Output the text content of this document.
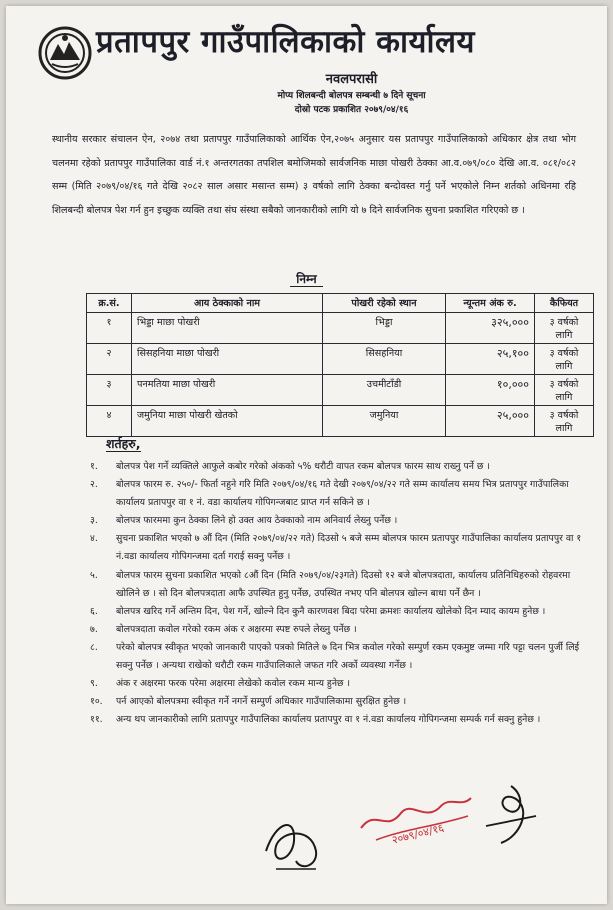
प्रतापपुर गाउँपालिकाको कार्यालय
नवलपरासी
मोप्य शिलबन्दी बोलपत्र सम्बन्धी ७ दिने सूचना
दोस्रो पटक प्रकाशित २०७९/०४/१६
स्थानीय सरकार संचालन ऐन, २०७४ तथा प्रतापपुर गाउँपालिकाको आर्थिक ऐन,२०७५ अनुसार यस प्रतापपुर गाउँपालिकाको अधिकार क्षेत्र तथा भोग चलनमा रहेको प्रतापपुर गाउँपालिका वार्ड नं.१ अन्तरगतका तपशिल बमोजिमको सार्वजनिक माछा पोखरी ठेक्का आ.व.०७९/०८० देखि आ.व. ०८१/०८२ सम्म (मिति २०७९/०४/१६ गते देखि २०८२ साल असार मसान्त सम्म) ३ वर्षको लागि ठेक्का बन्दोवस्त गर्नु पर्ने भएकोले निम्न शर्तको अधिनमा रहि शिलबन्दी बोलपत्र पेश गर्न हुन इच्छुक व्यक्ति तथा संघ संस्था सबैको जानकारीको लागि यो ७ दिने सार्वजनिक सुचना प्रकाशित गरिएको छ ।
निम्न
क्र.सं.	आय ठेक्काको नाम	पोखरी रहेको स्थान	न्यून्तम अंक रु.	कैफियत
१	भिड्डा माछा पोखरी	भिड्डा	३२५,०००	३ वर्षको लागि
२	सिसहनिया माछा पोखरी	सिसहनिया	२५,१००	३ वर्षको लागि
३	पनमतिया माछा पोखरी	उचमीटाँडी	१०,०००	३ वर्षको लागि
४	जमुनिया माछा पोखरी खेतको	जमुनिया	२५,०००	३ वर्षको लागि
शर्तहरु,
१.	बोलपत्र पेश गर्ने व्यक्तिले आफुले कबोर गरेको अंकको ५% धरौटी वापत रकम बोलपत्र फारम साथ राख्नु पर्ने छ ।
२.	बोलपत्र फारम रु. २५०/- फिर्ता नहुने गरि मिति २०७९/०४/१६ गते देखी २०७९/०४/२२ गते सम्म कार्यालय समय भित्र प्रतापपुर गाउँपालिका कार्यालय प्रतापपुर वा १ नं. वडा कार्यालय गोपिगन्जबाट प्राप्त गर्न सकिने छ ।
३.	बोलपत्र फारममा कुन ठेक्का लिने हो उक्त आय ठेक्काको नाम अनिवार्य लेख्नु पर्नेछ ।
४.	सुचना प्रकाशित भएको ७ औं दिन (मिति २०७९/०४/२२ गते) दिउसो ५ बजे सम्म बोलपत्र फारम प्रतापपुर गाउँपालिका कार्यालय प्रतापपुर वा १ नं.वडा कार्यालय गोपिगन्जमा दर्ता गराई सक्नु पर्नेछ ।
५.	बोलपत्र फारम सुचना प्रकाशित भएको ८औं दिन (मिति २०७९/०४/२३गते) दिउसो १२ बजे बोलपत्रदाता, कार्यालय प्रतिनिधिहरुको रोहवरमा खोलिने छ । सो दिन बोलपत्रदाता आफै उपस्थित हुनु पर्नेछ, उपस्थित नभए पनि बोलपत्र खोल्न बाधा पर्ने छैन ।
६.	बोलपत्र खरिद गर्ने अन्तिम दिन, पेश गर्ने, खोल्ने दिन कुनै कारणवश बिदा परेमा क्रमशः कार्यालय खोलेको दिन म्याद कायम हुनेछ ।
७.	बोलपत्रदाता कवोल गरेको रकम अंक र अक्षरमा स्पष्ट रुपले लेख्नु पर्नेछ ।
८.	परेको बोलपत्र स्वीकृत भएको जानकारी पाएको पत्रको मितिले ७ दिन भित्र कवोल गरेको सम्पुर्ण रकम एकमुष्ट जम्मा गरि पट्टा चलन पुर्जी लिई सक्नु पर्नेछ । अन्यथा राखेको धरौटी रकम गाउँपालिकाले जफत गरि अर्को व्यवस्था गर्नेछ ।
९.	अंक र अक्षरमा फरक परेमा अक्षरमा लेखेको कवोल रकम मान्य हुनेछ ।
१०.	पर्न आएको बोलपत्रमा स्वीकृत गर्ने नगर्ने सम्पुर्ण अधिकार गाउँपालिकामा सुरक्षित हुनेछ ।
११.	अन्य थप जानकारीको लागि प्रतापपुर गाउँपालिका कार्यालय प्रतापपुर वा १ नं.वडा कार्यालय गोपिगन्जमा सम्पर्क गर्न सक्नु हुनेछ ।
२०७९/०४/१६
